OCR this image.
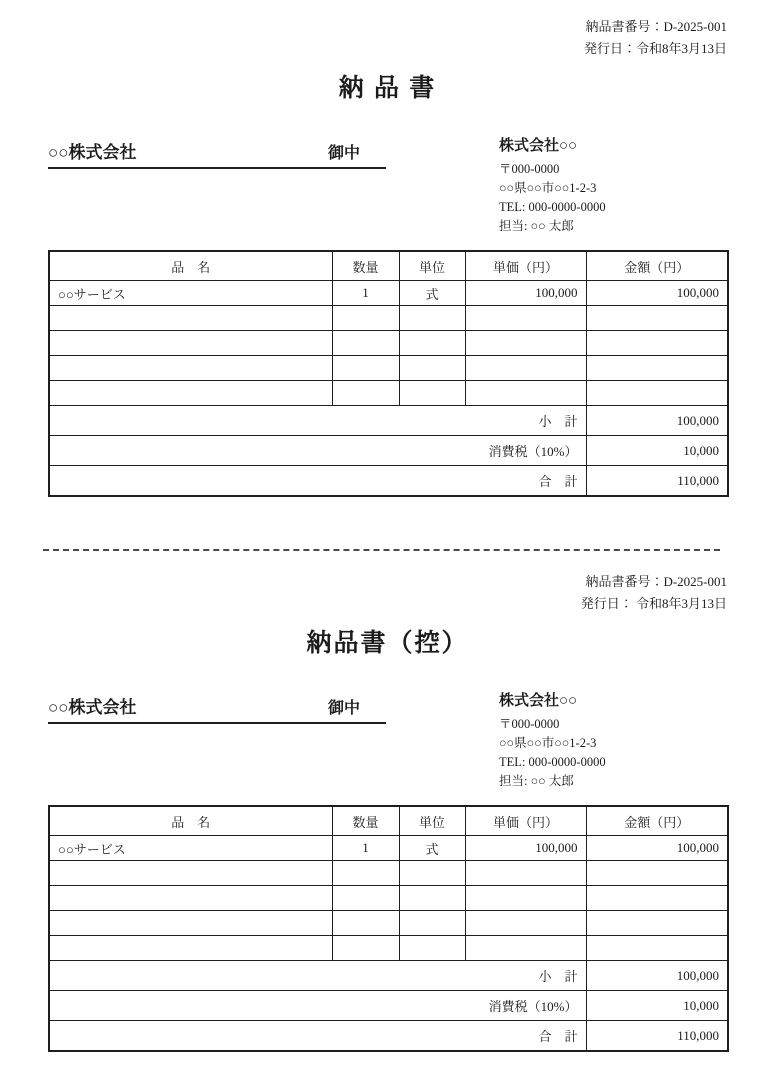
納品書番号：D-2025-001
発行日：令和8年3月13日
納 品 書
○○株式会社	御中	株式会社○○
〒000-0000
○○県○○市○○1-2-3
TEL: 000-0000-0000
担当: ○○ 太郎
品　名	数量	単位	単価（円）	金額（円）
○○サービス	1	式	100,000	100,000

小　計				100,000
消費税（10%）				10,000
合　計				110,000
納品書番号：D-2025-001
発行日： 令和8年3月13日
納品書（控）
○○株式会社	御中	株式会社○○
〒000-0000
○○県○○市○○1-2-3
TEL: 000-0000-0000
担当: ○○ 太郎
品　名	数量	単位	単価（円）	金額（円）
○○サービス	1	式	100,000	100,000

小　計				100,000
消費税（10%）				10,000
合　計				110,000
